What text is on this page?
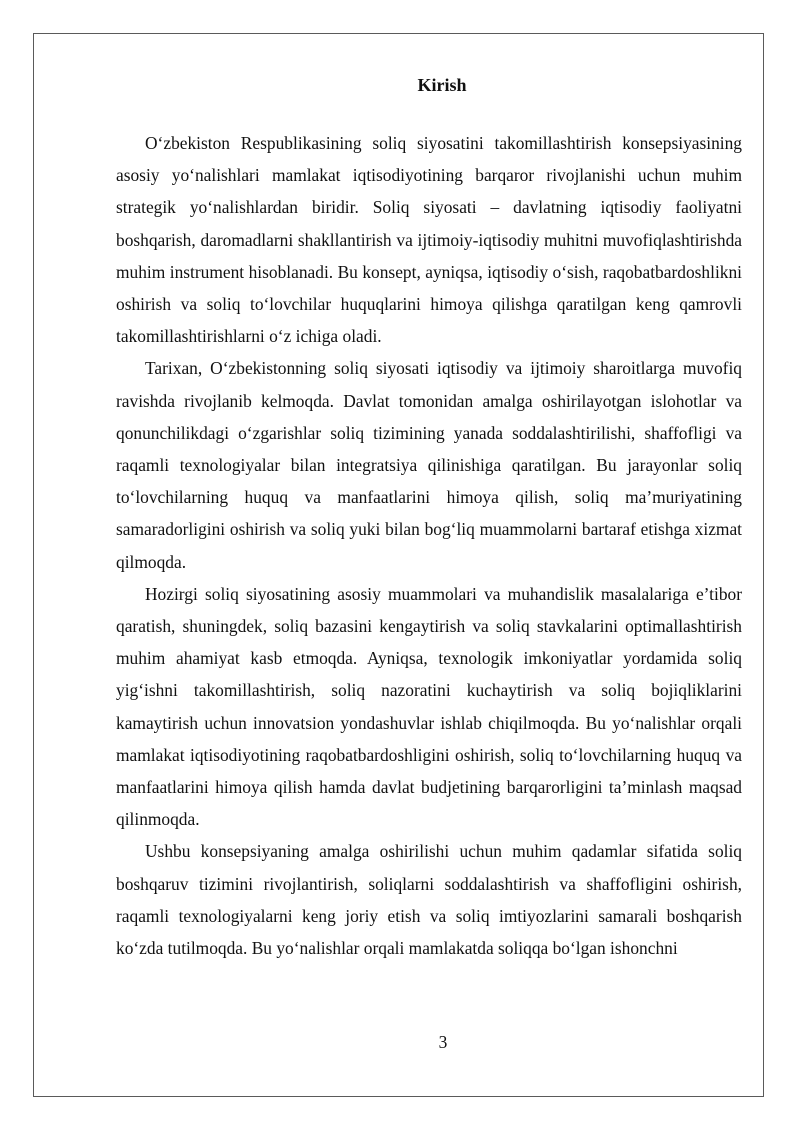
Kirish

O‘zbekiston Respublikasining soliq siyosatini takomillashtirish konsepsiyasining asosiy yo‘nalishlari mamlakat iqtisodiyotining barqaror rivojlanishi uchun muhim strategik yo‘nalishlardan biridir. Soliq siyosati – davlatning iqtisodiy faoliyatni boshqarish, daromadlarni shakllantirish va ijtimoiy-iqtisodiy muhitni muvofiqlashtirishda muhim instrument hisoblanadi. Bu konsept, ayniqsa, iqtisodiy o‘sish, raqobatbardoshlikni oshirish va soliq to‘lovchilar huquqlarini himoya qilishga qaratilgan keng qamrovli takomillashtirishlarni o‘z ichiga oladi.

Tarixan, O‘zbekistonning soliq siyosati iqtisodiy va ijtimoiy sharoitlarga muvofiq ravishda rivojlanib kelmoqda. Davlat tomonidan amalga oshirilayotgan islohotlar va qonunchilikdagi o‘zgarishlar soliq tizimining yanada soddalashtirilishi, shaffofligi va raqamli texnologiyalar bilan integratsiya qilinishiga qaratilgan. Bu jarayonlar soliq to‘lovchilarning huquq va manfaatlarini himoya qilish, soliq ma’muriyatining samaradorligini oshirish va soliq yuki bilan bog‘liq muammolarni bartaraf etishga xizmat qilmoqda.

Hozirgi soliq siyosatining asosiy muammolari va muhandislik masalalariga e’tibor qaratish, shuningdek, soliq bazasini kengaytirish va soliq stavkalarini optimallashtirish muhim ahamiyat kasb etmoqda. Ayniqsa, texnologik imkoniyatlar yordamida soliq yig‘ishni takomillashtirish, soliq nazoratini kuchaytirish va soliq bojiqliklarini kamaytirish uchun innovatsion yondashuvlar ishlab chiqilmoqda. Bu yo‘nalishlar orqali mamlakat iqtisodiyotining raqobatbardoshligini oshirish, soliq to‘lovchilarning huquq va manfaatlarini himoya qilish hamda davlat budjetining barqarorligini ta’minlash maqsad qilinmoqda.

Ushbu konsepsiyaning amalga oshirilishi uchun muhim qadamlar sifatida soliq boshqaruv tizimini rivojlantirish, soliqlarni soddalashtirish va shaffofligini oshirish, raqamli texnologiyalarni keng joriy etish va soliq imtiyozlarini samarali boshqarish ko‘zda tutilmoqda. Bu yo‘nalishlar orqali mamlakatda soliqqa bo‘lgan ishonchni

3
